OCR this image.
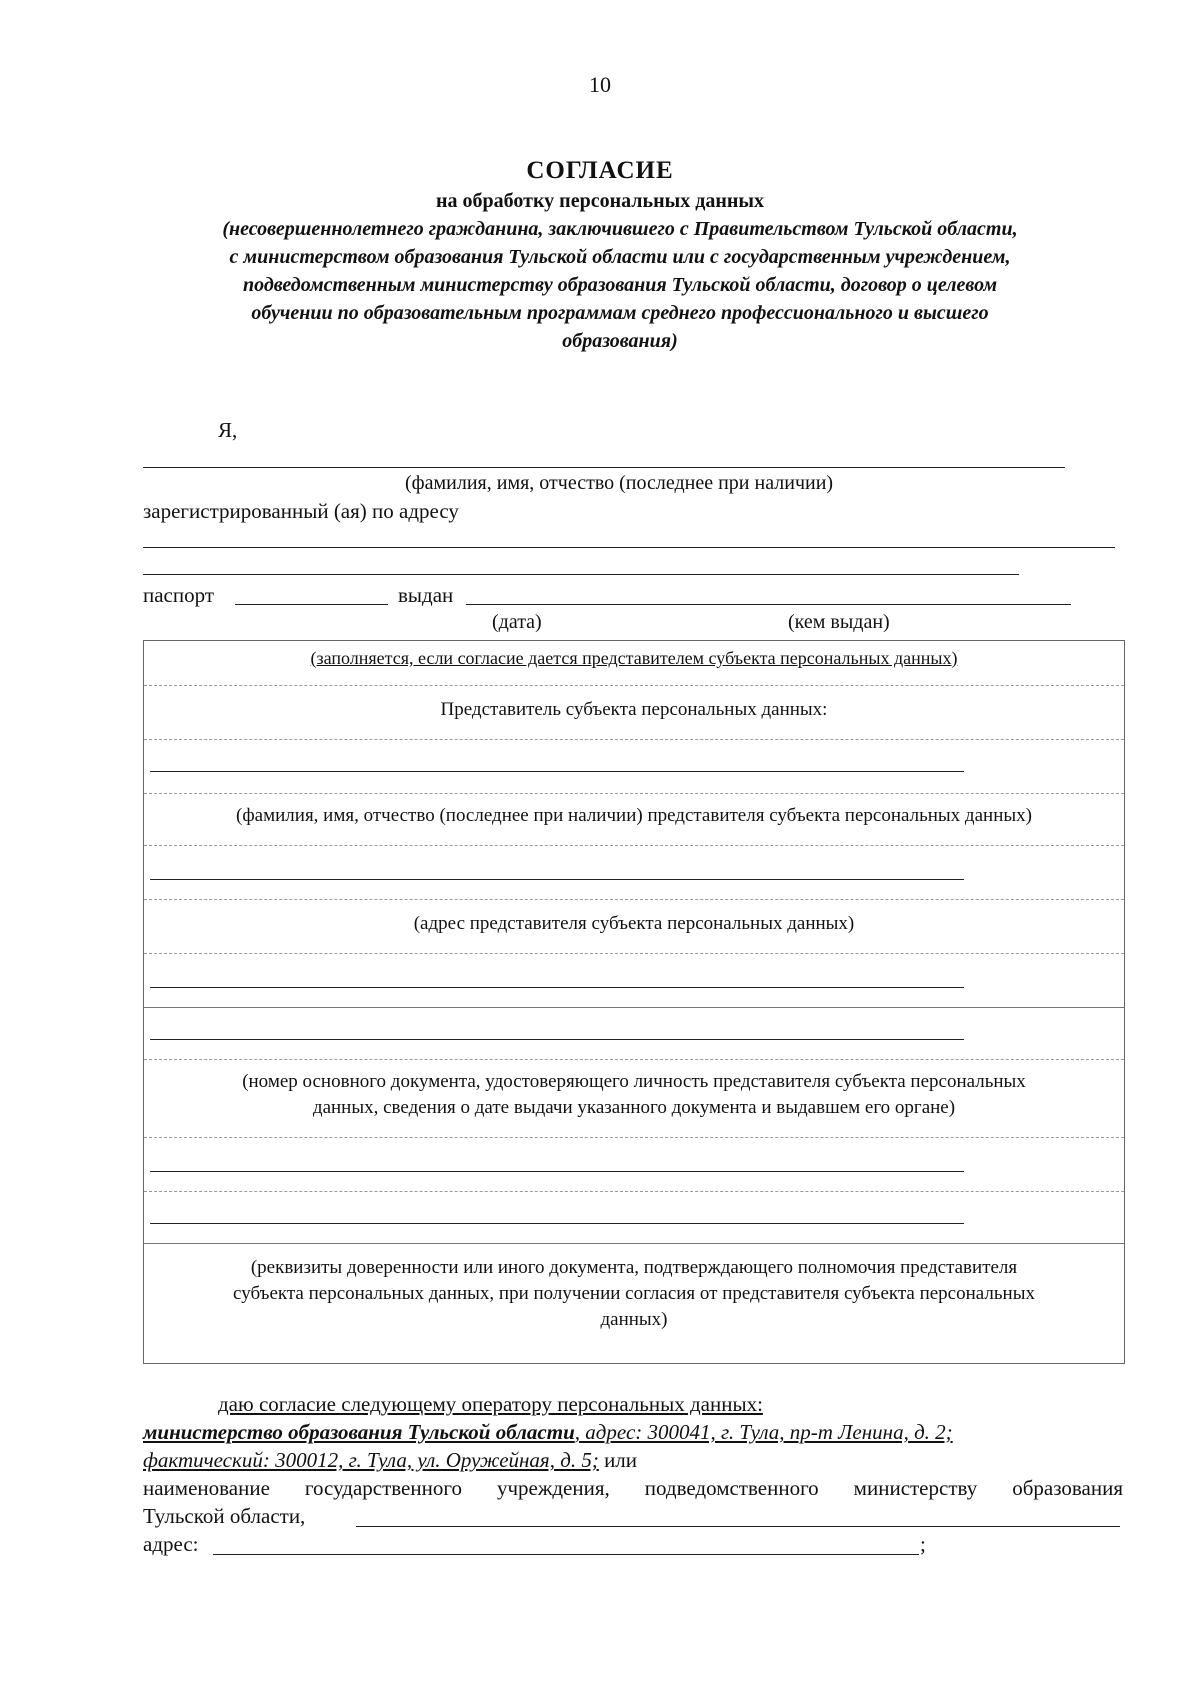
10
СОГЛАСИЕ
на обработку персональных данных
(несовершеннолетнего гражданина, заключившего с Правительством Тульской области,
с министерством образования Тульской области или с государственным учреждением,
подведомственным министерству образования Тульской области, договор о целевом
обучении по образовательным программам среднего профессионального и высшего
образования)
Я,
(фамилия, имя, отчество (последнее при наличии)
зарегистрированный (ая) по адресу
паспорт	выдан
(дата)	(кем выдан)
(заполняется, если согласие дается представителем субъекта персональных данных)
Представитель субъекта персональных данных:
(фамилия, имя, отчество (последнее при наличии) представителя субъекта персональных данных)
(адрес представителя субъекта персональных данных)
(номер основного документа, удостоверяющего личность представителя субъекта персональных
данных, сведения о дате выдачи указанного документа и выдавшем его органе)
(реквизиты доверенности или иного документа, подтверждающего полномочия представителя
субъекта персональных данных, при получении согласия от представителя субъекта персональных
данных)
даю согласие следующему оператору персональных данных:
министерство образования Тульской области, адрес: 300041, г. Тула, пр-т Ленина, д. 2;
фактический: 300012, г. Тула, ул. Оружейная, д. 5; или
наименование государственного учреждения, подведомственного министерству образования
Тульской области,
адрес:	;
